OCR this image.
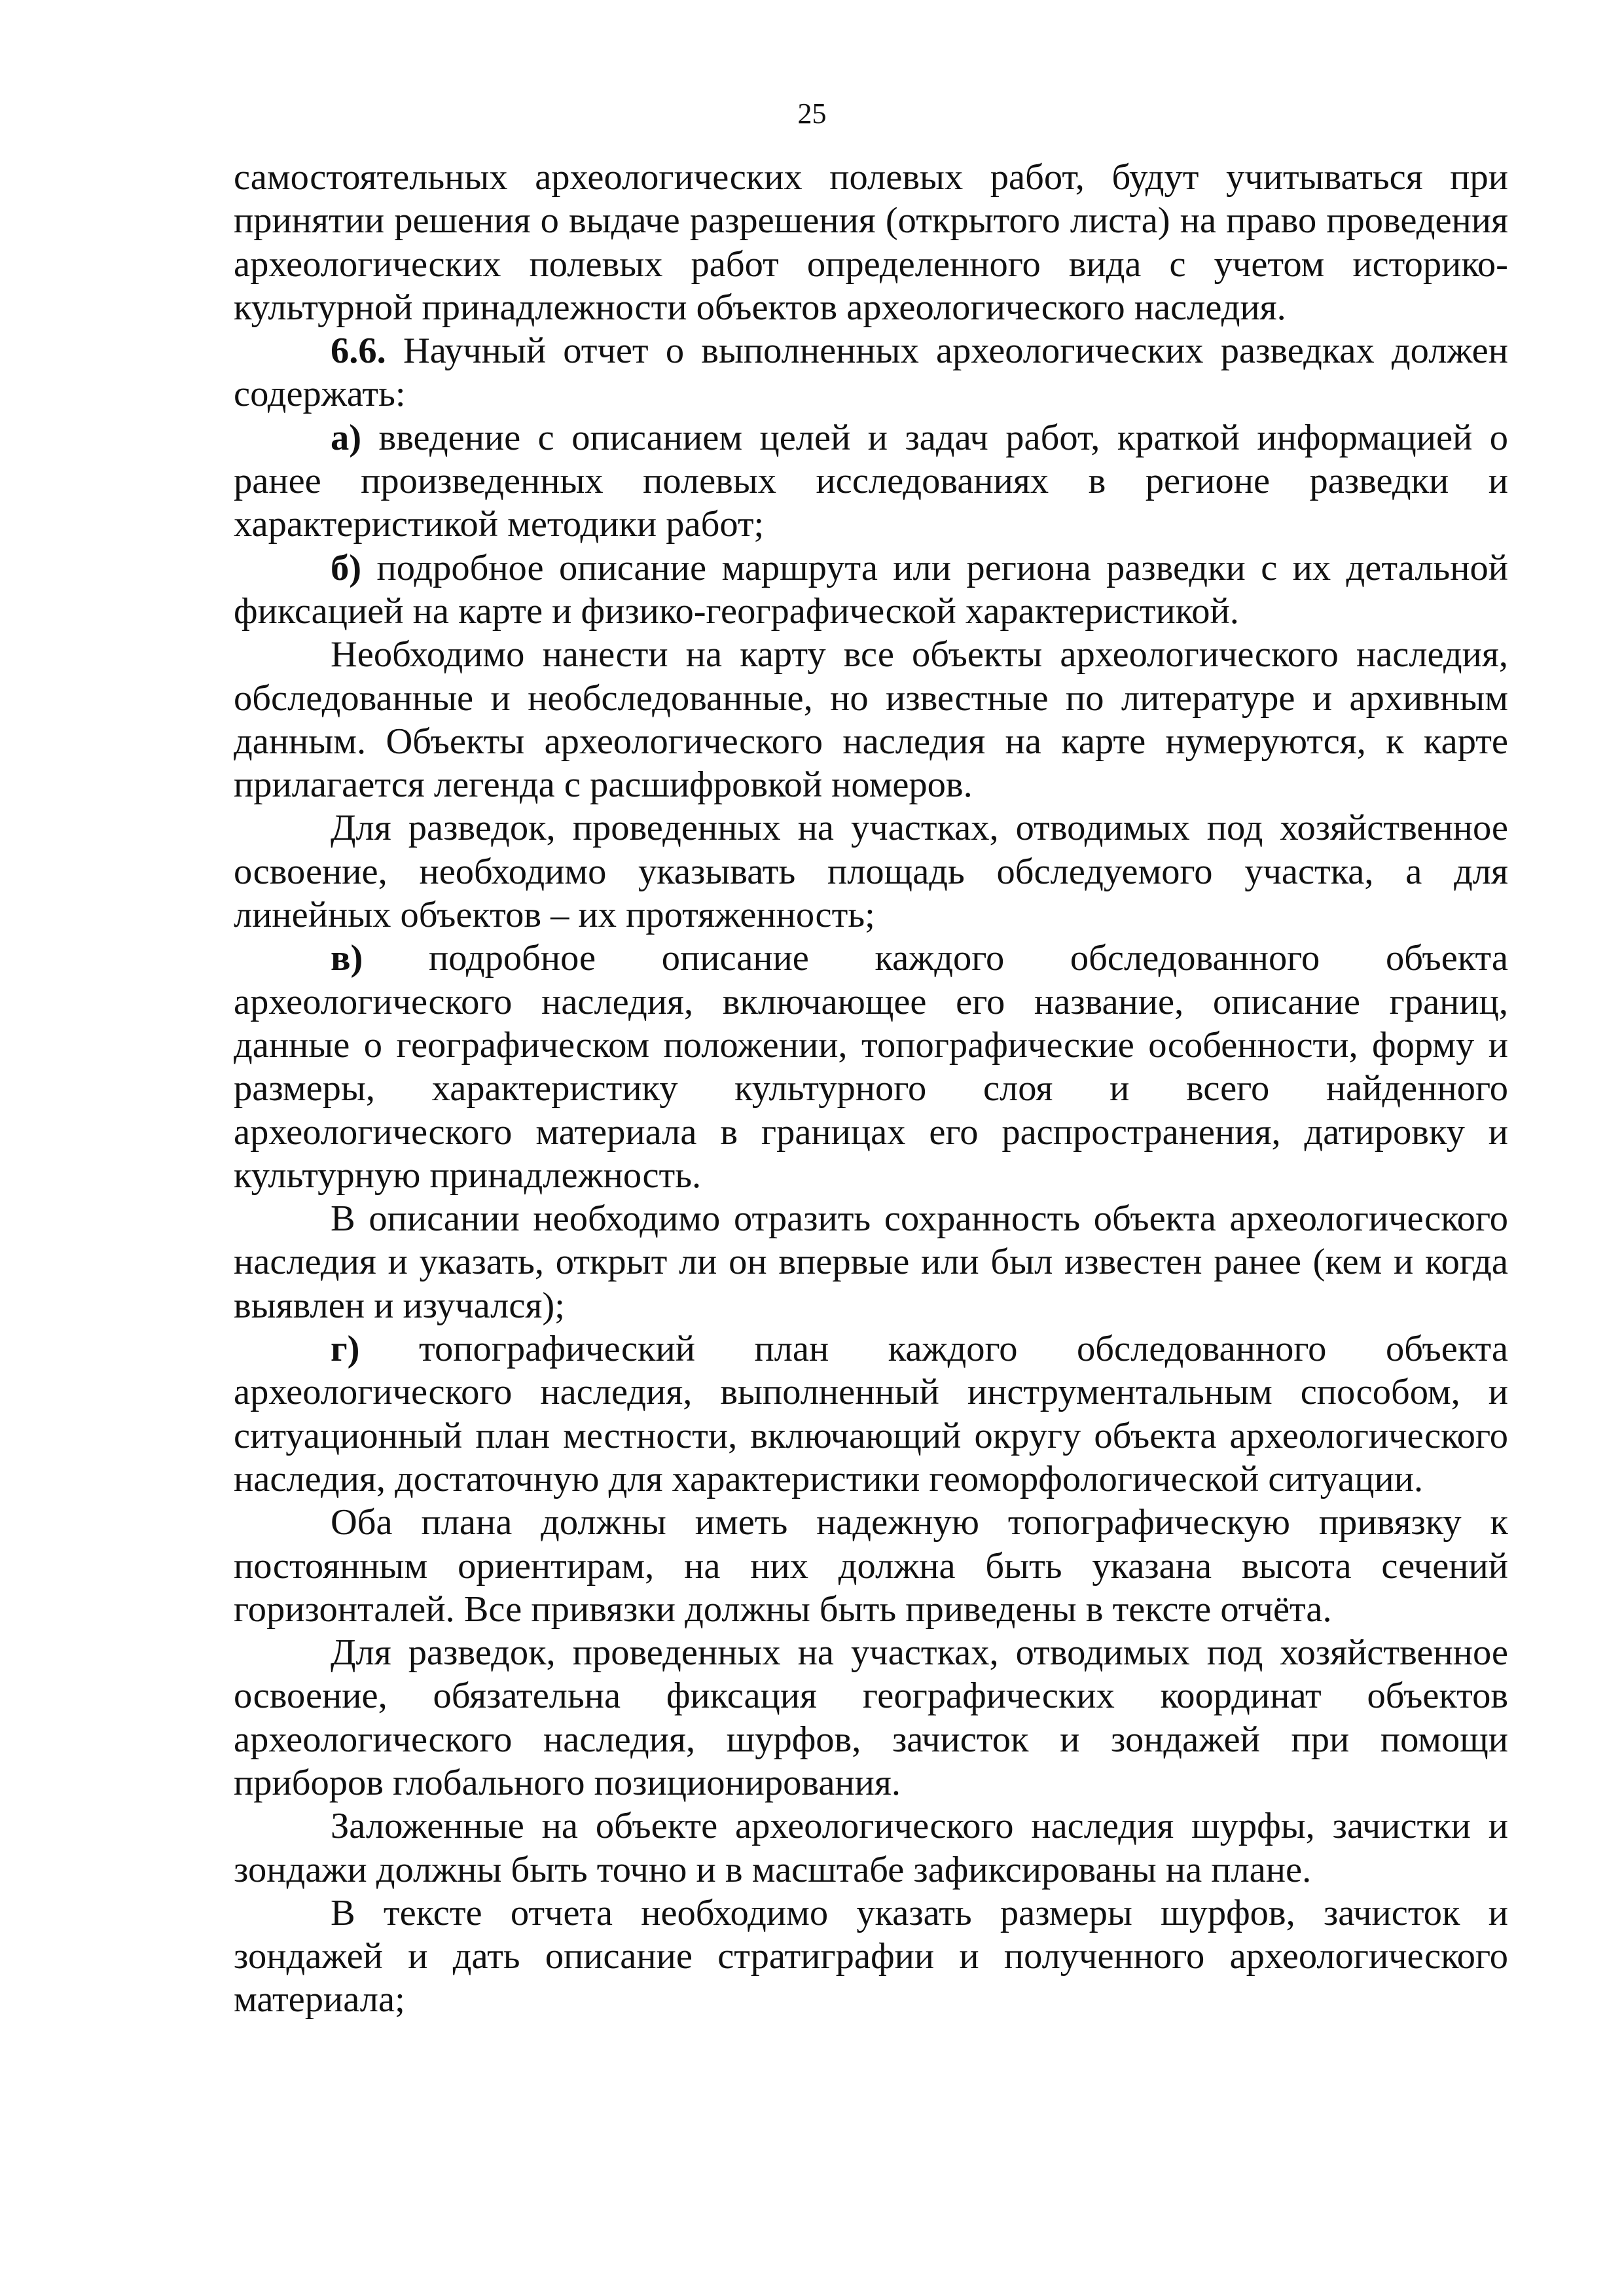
25

самостоятельных археологических полевых работ, будут учитываться при принятии решения о выдаче разрешения (открытого листа) на право проведения археологических полевых работ определенного вида с учетом историко-культурной принадлежности объектов археологического наследия.

6.6. Научный отчет о выполненных археологических разведках должен содержать:

а) введение с описанием целей и задач работ, краткой информацией о ранее произведенных полевых исследованиях в регионе разведки и характеристикой методики работ;

б) подробное описание маршрута или региона разведки с их детальной фиксацией на карте и физико-географической характеристикой.

Необходимо нанести на карту все объекты археологического наследия, обследованные и необследованные, но известные по литературе и архивным данным. Объекты археологического наследия на карте нумеруются, к карте прилагается легенда с расшифровкой номеров.

Для разведок, проведенных на участках, отводимых под хозяйственное освоение, необходимо указывать площадь обследуемого участка, а для линейных объектов – их протяженность;

в) подробное описание каждого обследованного объекта археологического наследия, включающее его название, описание границ, данные о географическом положении, топографические особенности, форму и размеры, характеристику культурного слоя и всего найденного археологического материала в границах его распространения, датировку и культурную принадлежность.

В описании необходимо отразить сохранность объекта археологического наследия и указать, открыт ли он впервые или был известен ранее (кем и когда выявлен и изучался);

г) топографический план каждого обследованного объекта археологического наследия, выполненный инструментальным способом, и ситуационный план местности, включающий округу объекта археологического наследия, достаточную для характеристики геоморфологической ситуации.

Оба плана должны иметь надежную топографическую привязку к постоянным ориентирам, на них должна быть указана высота сечений горизонталей. Все привязки должны быть приведены в тексте отчёта.

Для разведок, проведенных на участках, отводимых под хозяйственное освоение, обязательна фиксация географических координат объектов археологического наследия, шурфов, зачисток и зондажей при помощи приборов глобального позиционирования.

Заложенные на объекте археологического наследия шурфы, зачистки и зондажи должны быть точно и в масштабе зафиксированы на плане.

В тексте отчета необходимо указать размеры шурфов, зачисток и зондажей и дать описание стратиграфии и полученного археологического материала;
